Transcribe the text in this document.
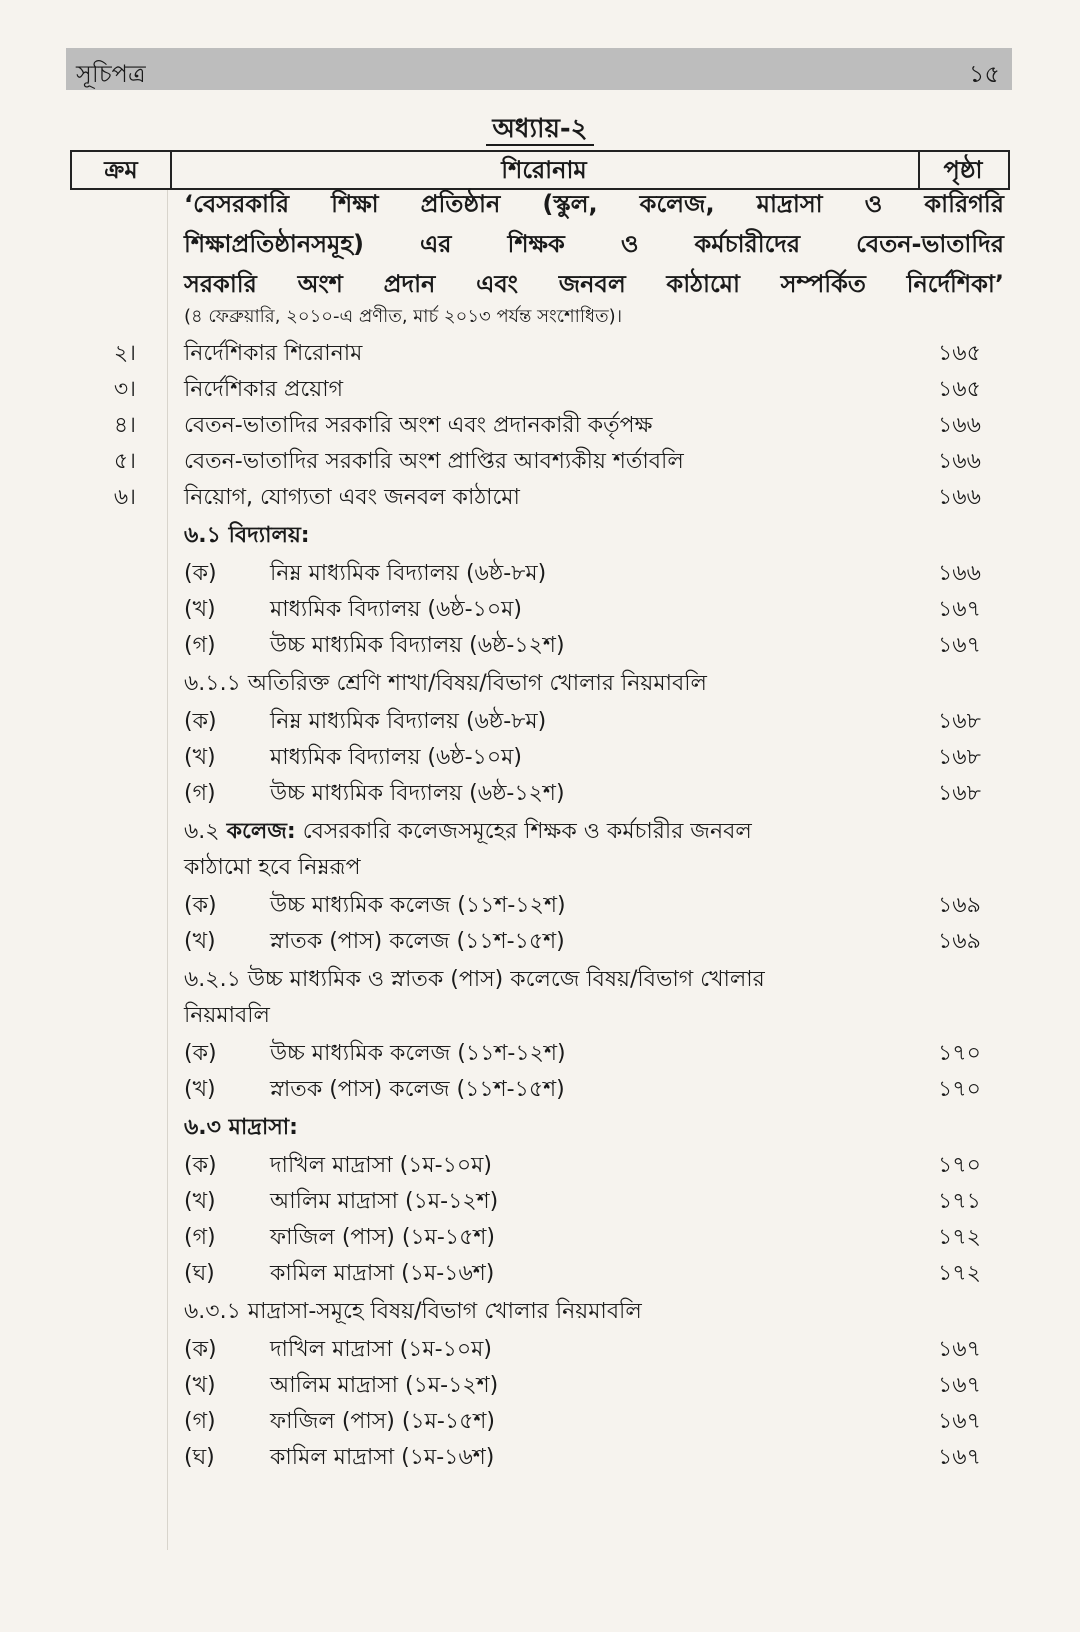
সূচিপত্র	১৫
অধ্যায়-২
ক্রম	শিরোনাম	পৃষ্ঠা
‘বেসরকারি শিক্ষা প্রতিষ্ঠান (স্কুল, কলেজ, মাদ্রাসা ও কারিগরি
শিক্ষাপ্রতিষ্ঠানসমূহ) এর শিক্ষক ও কর্মচারীদের বেতন-ভাতাদির
সরকারি অংশ প্রদান এবং জনবল কাঠামো সম্পর্কিত নির্দেশিকা’
(৪ ফেব্রুয়ারি, ২০১০-এ প্রণীত, মার্চ ২০১৩ পর্যন্ত সংশোধিত)।
২। নির্দেশিকার শিরোনাম	১৬৫
৩। নির্দেশিকার প্রয়োগ	১৬৫
৪। বেতন-ভাতাদির সরকারি অংশ এবং প্রদানকারী কর্তৃপক্ষ	১৬৬
৫। বেতন-ভাতাদির সরকারি অংশ প্রাপ্তির আবশ্যকীয় শর্তাবলি	১৬৬
৬। নিয়োগ, যোগ্যতা এবং জনবল কাঠামো	১৬৬
৬.১ বিদ্যালয়:
(ক) নিম্ন মাধ্যমিক বিদ্যালয় (৬ষ্ঠ-৮ম)	১৬৬
(খ) মাধ্যমিক বিদ্যালয় (৬ষ্ঠ-১০ম)	১৬৭
(গ) উচ্চ মাধ্যমিক বিদ্যালয় (৬ষ্ঠ-১২শ)	১৬৭
৬.১.১ অতিরিক্ত শ্রেণি শাখা/বিষয়/বিভাগ খোলার নিয়মাবলি
(ক) নিম্ন মাধ্যমিক বিদ্যালয় (৬ষ্ঠ-৮ম)	১৬৮
(খ) মাধ্যমিক বিদ্যালয় (৬ষ্ঠ-১০ম)	১৬৮
(গ) উচ্চ মাধ্যমিক বিদ্যালয় (৬ষ্ঠ-১২শ)	১৬৮
৬.২ কলেজ: বেসরকারি কলেজসমূহের শিক্ষক ও কর্মচারীর জনবল
কাঠামো হবে নিম্নরূপ
(ক) উচ্চ মাধ্যমিক কলেজ (১১শ-১২শ)	১৬৯
(খ) স্নাতক (পাস) কলেজ (১১শ-১৫শ)	১৬৯
৬.২.১ উচ্চ মাধ্যমিক ও স্নাতক (পাস) কলেজে বিষয়/বিভাগ খোলার
নিয়মাবলি
(ক) উচ্চ মাধ্যমিক কলেজ (১১শ-১২শ)	১৭০
(খ) স্নাতক (পাস) কলেজ (১১শ-১৫শ)	১৭০
৬.৩ মাদ্রাসা:
(ক) দাখিল মাদ্রাসা (১ম-১০ম)	১৭০
(খ) আলিম মাদ্রাসা (১ম-১২শ)	১৭১
(গ) ফাজিল (পাস) (১ম-১৫শ)	১৭২
(ঘ)	কামিল মাদ্রাসা (১ম-১৬শ)	১৭২
৬.৩.১ মাদ্রাসা-সমূহে বিষয়/বিভাগ খোলার নিয়মাবলি
(ক) দাখিল মাদ্রাসা (১ম-১০ম)	১৬৭
(খ) আলিম মাদ্রাসা (১ম-১২শ)	১৬৭
(গ) ফাজিল (পাস) (১ম-১৫শ)	১৬৭
(ঘ)	কামিল মাদ্রাসা (১ম-১৬শ)	১৬৭
